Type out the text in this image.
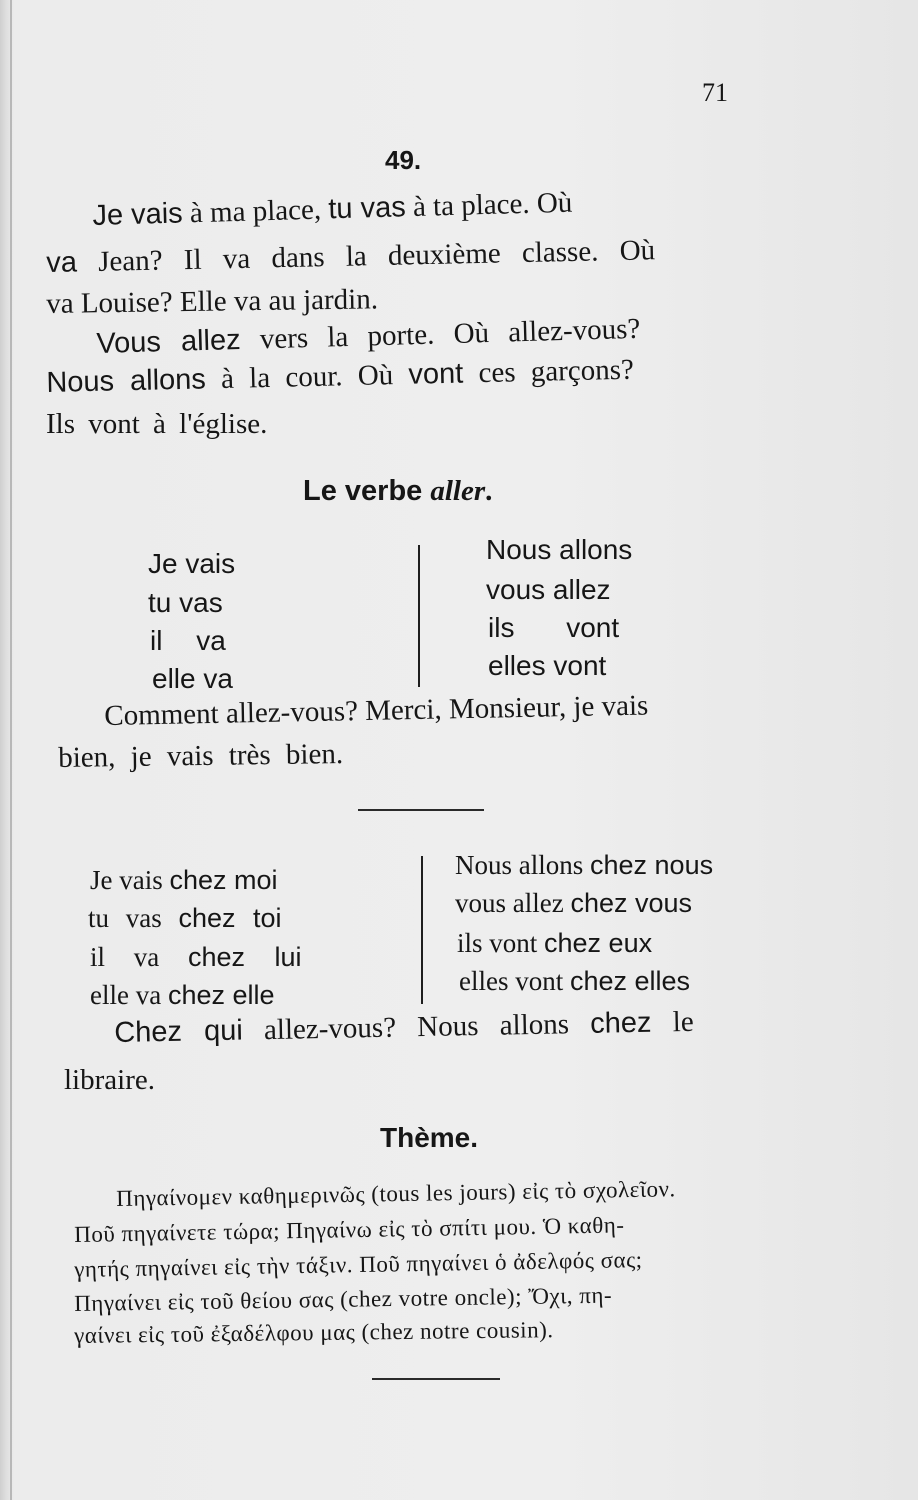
71
49.
Je vais à ma place, tu vas à ta place. Où
va Jean? Il va dans la deuxième classe. Où
va Louise? Elle va au jardin.
Vous allez vers la porte. Où allez-vous?
Nous allons à la cour. Où vont ces garçons?
Ils vont à l'église.
Le verbe aller.
Je vais
tu vas
il va
elle va
Nous allons
vous allez
ils vont
elles vont
Comment allez-vous? Merci, Monsieur, je vais
bien, je vais très bien.
Je vais chez moi
tu vas chez toi
il va chez lui
elle va chez elle
Nous allons chez nous
vous allez chez vous
ils vont chez eux
elles vont chez elles
Chez qui allez-vous? Nous allons chez le
libraire.
Thème.
Πηγαίνομεν καθημερινῶς (tous les jours) εἰς τὸ σχολεῖον.
Ποῦ πηγαίνετε τώρα; Πηγαίνω εἰς τὸ σπίτι μου. Ὁ καθη-
γητής πηγαίνει εἰς τὴν τάξιν. Ποῦ πηγαίνει ὁ ἀδελφός σας;
Πηγαίνει εἰς τοῦ θείου σας (chez votre oncle); Ὄχι, πη-
γαίνει εἰς τοῦ ἐξαδέλφου μας (chez notre cousin).
